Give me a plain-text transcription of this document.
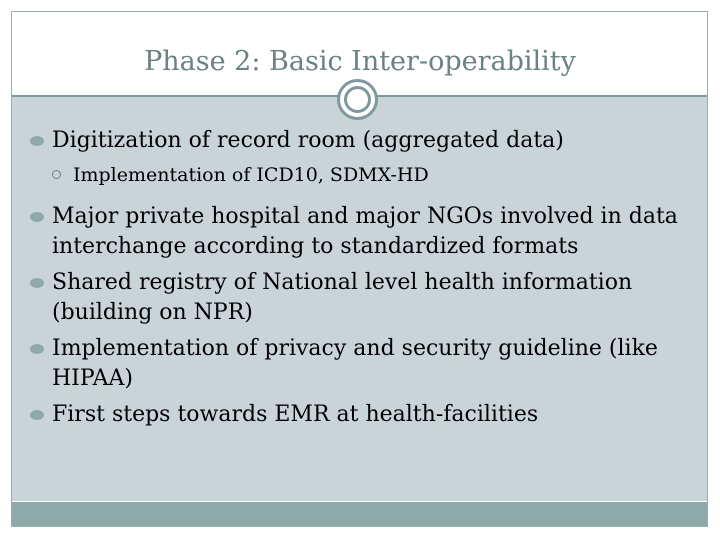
Phase 2: Basic Inter-operability
Digitization of record room (aggregated data)
Implementation of ICD10, SDMX-HD
Major private hospital and major NGOs involved in data interchange according to standardized formats
Shared registry of National level health information (building on NPR)
Implementation of privacy and security guideline (like HIPAA)
First steps towards EMR at health-facilities
